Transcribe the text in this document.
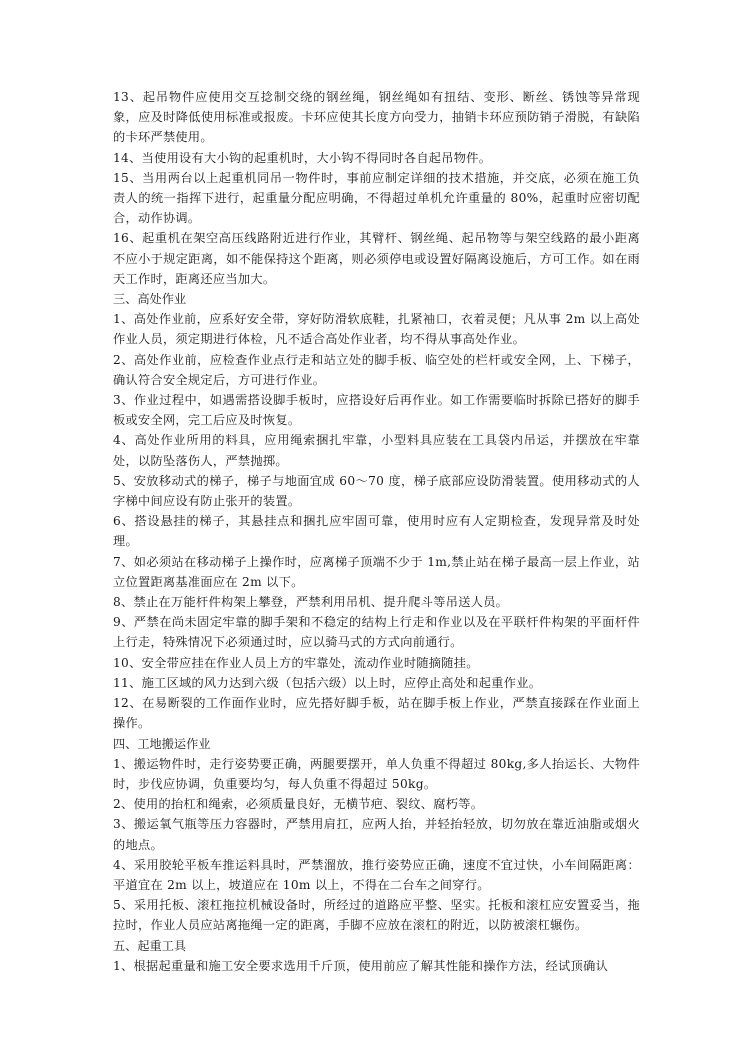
13、起吊物件应使用交互捻制交绕的钢丝绳，钢丝绳如有扭结、变形、断丝、锈蚀等异常现象，应及时降低使用标准或报废。卡环应使其长度方向受力，抽销卡环应预防销子滑脱，有缺陷的卡环严禁使用。

14、当使用设有大小钩的起重机时，大小钩不得同时各自起吊物件。

15、当用两台以上起重机同吊一物件时，事前应制定详细的技术措施，并交底，必须在施工负责人的统一指挥下进行，起重量分配应明确，不得超过单机允许重量的 80%，起重时应密切配合，动作协调。

16、起重机在架空高压线路附近进行作业，其臂杆、钢丝绳、起吊物等与架空线路的最小距离不应小于规定距离，如不能保持这个距离，则必须停电或设置好隔离设施后，方可工作。如在雨天工作时，距离还应当加大。

三、高处作业

1、高处作业前，应系好安全带，穿好防滑软底鞋，扎紧袖口，衣着灵便；凡从事 2m 以上高处作业人员，须定期进行体检，凡不适合高处作业者，均不得从事高处作业。

2、高处作业前，应检查作业点行走和站立处的脚手板、临空处的栏杆或安全网，上、下梯子，确认符合安全规定后，方可进行作业。

3、作业过程中，如遇需搭设脚手板时，应搭设好后再作业。如工作需要临时拆除已搭好的脚手板或安全网，完工后应及时恢复。

4、高处作业所用的料具，应用绳索捆扎牢靠，小型料具应装在工具袋内吊运，并摆放在牢靠处，以防坠落伤人，严禁抛掷。

5、安放移动式的梯子，梯子与地面宜成 60～70 度，梯子底部应设防滑装置。使用移动式的人字梯中间应设有防止张开的装置。

6、搭设悬挂的梯子，其悬挂点和捆扎应牢固可靠，使用时应有人定期检查，发现异常及时处理。

7、如必须站在移动梯子上操作时，应离梯子顶端不少于 1m,禁止站在梯子最高一层上作业，站立位置距离基准面应在 2m 以下。

8、禁止在万能杆件构架上攀登，严禁利用吊机、提升爬斗等吊送人员。

9、严禁在尚未固定牢靠的脚手架和不稳定的结构上行走和作业以及在平联杆件构架的平面杆件上行走，特殊情况下必须通过时，应以骑马式的方式向前通行。

10、安全带应挂在作业人员上方的牢靠处，流动作业时随摘随挂。

11、施工区域的风力达到六级（包括六级）以上时，应停止高处和起重作业。

12、在易断裂的工作面作业时，应先搭好脚手板，站在脚手板上作业，严禁直接踩在作业面上操作。

四、工地搬运作业

1、搬运物件时，走行姿势要正确，两腿要摆开，单人负重不得超过 80kg,多人抬运长、大物件时，步伐应协调，负重要均匀，每人负重不得超过 50kg。

2、使用的抬杠和绳索，必须质量良好，无横节疤、裂纹、腐朽等。

3、搬运氧气瓶等压力容器时，严禁用肩扛，应两人抬，并轻抬轻放，切勿放在靠近油脂或烟火的地点。

4、采用胶轮平板车推运料具时，严禁溜放，推行姿势应正确，速度不宜过快，小车间隔距离：平道宜在 2m 以上，坡道应在 10m 以上，不得在二台车之间穿行。

5、采用托板、滚杠拖拉机械设备时，所经过的道路应平整、坚实。托板和滚杠应安置妥当，拖拉时，作业人员应站离拖绳一定的距离，手脚不应放在滚杠的附近，以防被滚杠辗伤。

五、起重工具

1、根据起重量和施工安全要求选用千斤顶，使用前应了解其性能和操作方法，经试顶确认
